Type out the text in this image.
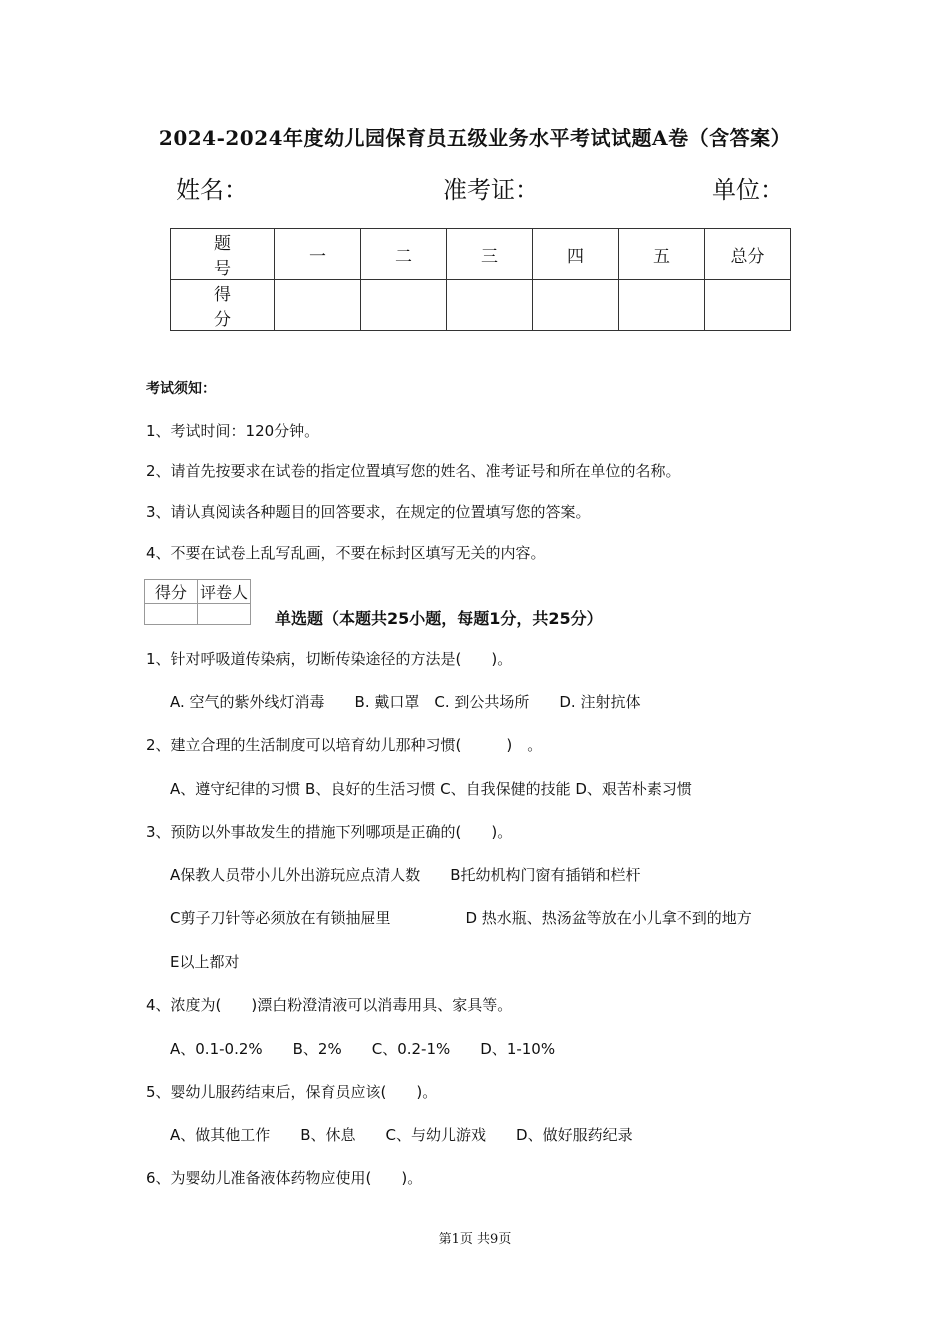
2024-2024年度幼儿园保育员五级业务水平考试试题A卷（含答案）
姓名：	准考证：	单位：
题 号	一	二	三	四	五	总分
得 分						
考试须知：
1、考试时间：120分钟。
2、请首先按要求在试卷的指定位置填写您的姓名、准考证号和所在单位的名称。
3、请认真阅读各种题目的回答要求，在规定的位置填写您的答案。
4、不要在试卷上乱写乱画，不要在标封区填写无关的内容。
得分	评卷人

单选题（本题共25小题，每题1分，共25分）
1、针对呼吸道传染病，切断传染途径的方法是(　　)。
A. 空气的紫外线灯消毒　　B. 戴口罩　C. 到公共场所　　D. 注射抗体
2、建立合理的生活制度可以培育幼儿那种习惯(　　　)　。
A、遵守纪律的习惯 B、良好的生活习惯 C、自我保健的技能 D、艰苦朴素习惯
3、预防以外事故发生的措施下列哪项是正确的(　　)。
A保教人员带小儿外出游玩应点清人数　　B托幼机构门窗有插销和栏杆
C剪子刀针等必须放在有锁抽屉里　　　　　D 热水瓶、热汤盆等放在小儿拿不到的地方
E以上都对
4、浓度为(　　)漂白粉澄清液可以消毒用具、家具等。
A、0.1-0.2%　　B、2%　　C、0.2-1%　　D、1-10%
5、婴幼儿服药结束后，保育员应该(　　)。
A、做其他工作　　B、休息　　C、与幼儿游戏　　D、做好服药纪录
6、为婴幼儿准备液体药物应使用(　　)。
第1页 共9页
